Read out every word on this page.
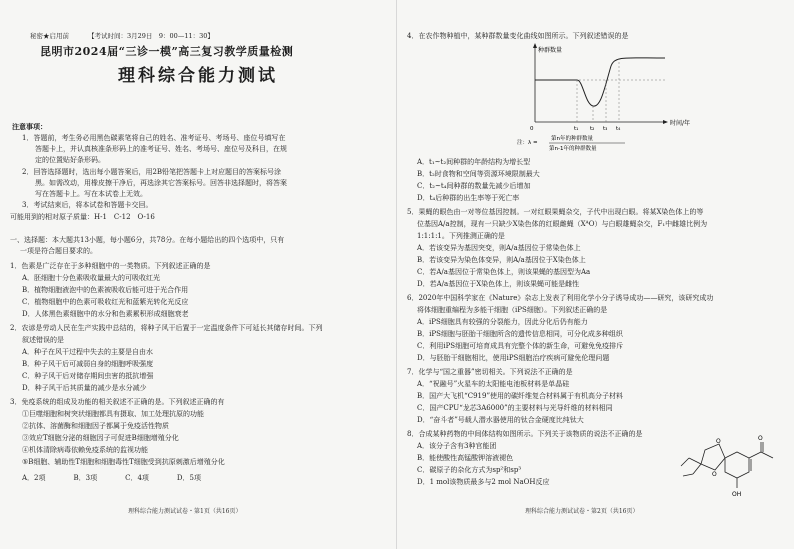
秘密★启用前	【考试时间：3月29日　9：00—11：30】
昆明市2024届“三诊一模”高三复习教学质量检测
理科综合能力测试
注意事项：
1．答题前，考生务必用黑色碳素笔将自己的姓名、准考证号、考场号、座位号填写在
答题卡上，并认真核准条形码上的准考证号、姓名、考场号、座位号及科目，在规
定的位置贴好条形码。
2．回答选择题时，选出每小题答案后，用2B铅笔把答题卡上对应题目的答案标号涂
黑。如需改动，用橡皮擦干净后，再选涂其它答案标号。回答非选择题时，将答案
写在答题卡上。写在本试卷上无效。
3．考试结束后，将本试卷和答题卡交回。
可能用到的相对原子质量：H-1　C-12　O-16
一、选择题：本大题共13小题，每小题6分，共78分。在每小题给出的四个选项中，只有
一项是符合题目要求的。
1．色素是广泛存在于多种细胞中的一类物质。下列叙述正确的是
A．胚细胞十分色素吸收量最大的可吸收红光
B．植物细胞液泡中的色素被吸收后能可进于光合作用
C．植物细胞中的色素可吸收红光和蓝紫光转化光反应
D．人体黑色素细胞中的水分和色素累积形成细胞衰老
2．农谚是劳动人民在生产实践中总结的，将种子风干后置于一定温度条件下可延长其储存时间。下列
叙述错误的是
A．种子在风干过程中失去的主要是自由水
B．种子风干后可减弱自身的细胞呼吸强度
C．种子风干后对储存期间虫害的抵抗增强
D．种子风干后其质量的减少是水分减少
3．免疫系统的组成及功能的相关叙述不正确的是。下列叙述正确的有
①巨噬细胞和树突状细胞都具有摄取、加工处理抗原的功能
②抗体、溶菌酶和细胞因子都属于免疫活性物质
③效应T细胞分泌的细胞因子可促进B细胞增殖分化
④机体清除病毒依赖免疫系统的监视功能
⑤B细胞、辅助性T细胞和细胞毒性T细胞受到抗原刺激后增殖分化
A．2项　　　　B．3项　　　　C．4项　　　　D．5项
理科综合能力测试试卷・第1页（共16页）
4．在农作物种植中，某种群数量变化曲线如图所示。下列叙述错误的是
种群数量
时间/年
0	t₁ t₂ t₃ t₄
注：λ =
第n年的种群数量
第n-1年的种群数量
A．t₁~t₂间种群的年龄结构为增长型
B．t₂时食物和空间等资源环境限制最大
C．t₂~t₄间种群的数量先减少后增加
D．t₄后种群的出生率等于死亡率
5．果蝇的眼色由一对等位基因控制。一对红眼果蝇杂交，子代中出现白眼。将某X染色体上的等
位基因A/a控制，现有一只缺少X染色体的红眼雌蝇（XᴬO）与白眼雄蝇杂交，F₁中雌雄比例为
1:1:1:1。下列推测正确的是
A．若该变异为基因突变，则A/a基因位于常染色体上
B．若该变异为染色体变异，则A/a基因位于X染色体上
C．若A/a基因位于常染色体上，则该果蝇的基因型为Aa
D．若A/a基因位于X染色体上，则该果蝇可能是雌性
6．2020年中国科学家在《Nature》杂志上发表了利用化学小分子诱导成功——研究，该研究成功
将体细胞重编程为多能干细胞（iPS细胞）。下列叙述正确的是
A．iPS细胞具有较强的分裂能力，因此分化后仍有能力
B．iPS细胞与胚胎干细胞所含的遗传信息相同，可分化成多种组织
C．利用iPS细胞可培育成具有完整个体的新生命，可避免免疫排斥
D．与胚胎干细胞相比，使用iPS细胞治疗疾病可避免伦理问题
7．化学与“国之重器”密切相关。下列说法不正确的是
A．“祝融号”火星车的太阳能电池板材料是单晶硅
B．国产大飞机“C919”使用的碳纤维复合材料属于有机高分子材料
C．国产CPU“龙芯3A6000”的主要材料与光导纤维的材料相同
D．“奋斗者”号载人潜水器使用的钛合金硬度比纯钛大
8．合成某种药物的中间体结构如图所示。下列关于该物质的说法不正确的是
A．该分子含有3种官能团
B．能使酸性高锰酸钾溶液褪色
C．碳原子的杂化方式为sp²和sp³
D．1 mol该物质最多与2 mol NaOH反应
O
O
O
OH
理科综合能力测试试卷・第2页（共16页）
